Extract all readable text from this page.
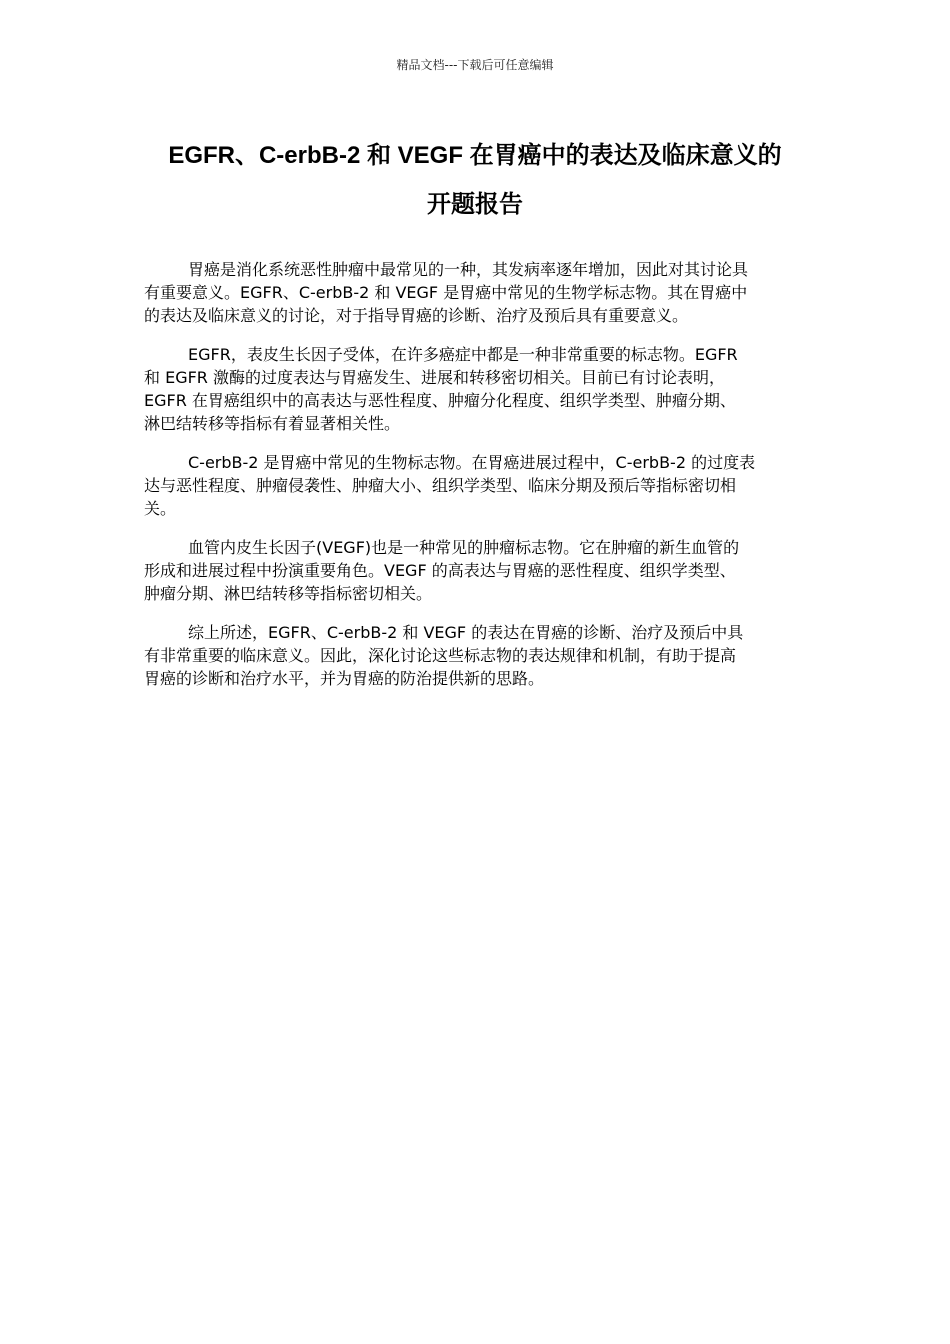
精品文档---下载后可任意编辑
EGFR、C-erbB-2 和 VEGF 在胃癌中的表达及临床意义的
开题报告

胃癌是消化系统恶性肿瘤中最常见的一种，其发病率逐年增加，因此对其讨论具
有重要意义。EGFR、C-erbB-2 和 VEGF 是胃癌中常见的生物学标志物。其在胃癌中
的表达及临床意义的讨论，对于指导胃癌的诊断、治疗及预后具有重要意义。

EGFR，表皮生长因子受体，在许多癌症中都是一种非常重要的标志物。EGFR
和 EGFR 激酶的过度表达与胃癌发生、进展和转移密切相关。目前已有讨论表明，
EGFR 在胃癌组织中的高表达与恶性程度、肿瘤分化程度、组织学类型、肿瘤分期、
淋巴结转移等指标有着显著相关性。

C-erbB-2 是胃癌中常见的生物标志物。在胃癌进展过程中，C-erbB-2 的过度表
达与恶性程度、肿瘤侵袭性、肿瘤大小、组织学类型、临床分期及预后等指标密切相
关。

血管内皮生长因子(VEGF)也是一种常见的肿瘤标志物。它在肿瘤的新生血管的
形成和进展过程中扮演重要角色。VEGF 的高表达与胃癌的恶性程度、组织学类型、
肿瘤分期、淋巴结转移等指标密切相关。

综上所述，EGFR、C-erbB-2 和 VEGF 的表达在胃癌的诊断、治疗及预后中具
有非常重要的临床意义。因此，深化讨论这些标志物的表达规律和机制，有助于提高
胃癌的诊断和治疗水平，并为胃癌的防治提供新的思路。
